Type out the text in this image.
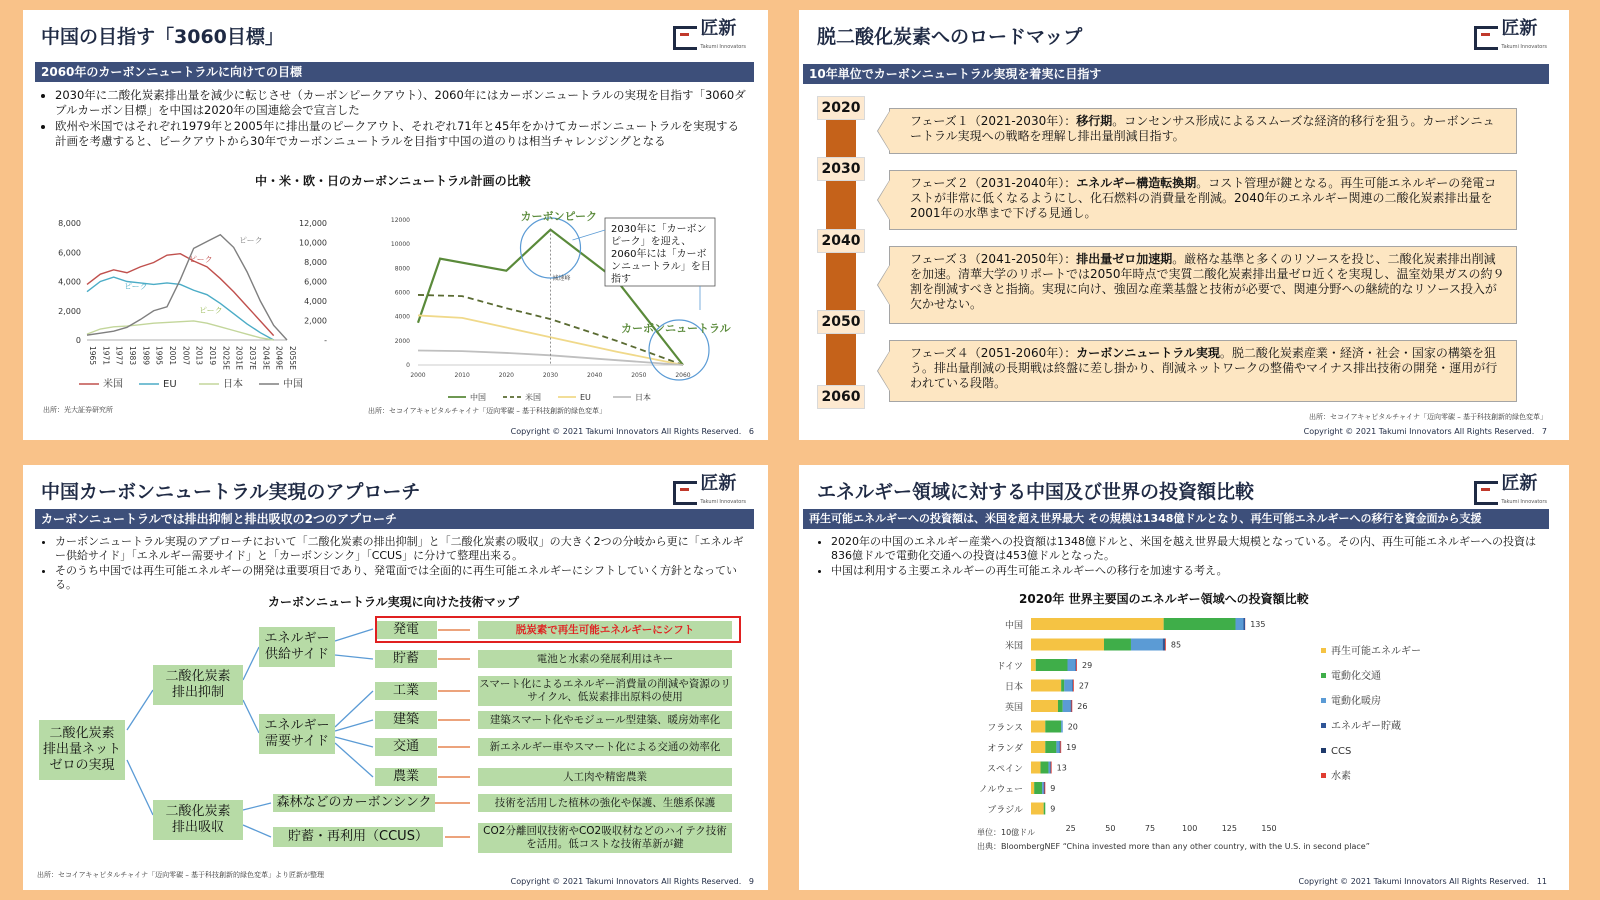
中国の目指す「3060目標」	匠新
Takumi Innovators
2060年のカーボンニュートラルに向けての目標
• 2030年に二酸化炭素排出量を減少に転じさせ（カーボンピークアウト）、2060年にはカーボンニュートラルの実現を目指す「3060ダブルカーボン目標」を中国は2020年の国連総会で宣言した
• 欧州や米国ではそれぞれ1979年と2005年に排出量のピークアウト、それぞれ71年と45年をかけてカーボンニュートラルを実現する計画を考慮すると、ピークアウトから30年でカーボンニュートラルを目指す中国の道のりは相当チャレンジングとなる
中・米・欧・日のカーボンニュートラル計画の比較
8,000
6,000
4,000
2,000
0
12,000
10,000
8,000
6,000
4,000
2,000
-
1965 1971 1977 1983 1989 1995 2001 2007 2013 2019 2025E 2031E 2037E 2043E 2049E 2055E
米国	EU	日本	中国
ピーク
ピーク
ピーク
ピーク
0
2000
4000
6000
8000
10000
12000
2000	2010	2020	2030	2040	2050	2060
中国	米国	EU	日本
カーボンピーク
減速峰
カーボンニュートラル
2030年に「カーボンピーク」を迎え、 2060年には「カーボンニュートラル」を目指す
出所：光大証券研究所	出所：セコイアキャピタルチャイナ「迈向零碳 – 基于科技創新的緑色変革」
Copyright © 2021 Takumi Innovators All Rights Reserved. 6
脱二酸化炭素へのロードマップ	匠新
Takumi Innovators
10年単位でカーボンニュートラル実現を着実に目指す
2020
2030
2040
2050
2060
フェーズ１（2021-2030年）：移行期。コンセンサス形成によるスムーズな経済的移行を狙う。カーボンニュートラル実現への戦略を理解し排出量削減目指す。
フェーズ２（2031-2040年）：エネルギー構造転換期。コスト管理が鍵となる。再生可能エネルギーの発電コストが非常に低くなるようにし、化石燃料の消費量を削減。2040年のエネルギー関連の二酸化炭素排出量を2001年の水準まで下げる見通し。
フェーズ３（2041-2050年）：排出量ゼロ加速期。厳格な基準と多くのリソースを投じ、二酸化炭素排出削減を加速。清華大学のリポートでは2050年時点で実質二酸化炭素排出量ゼロ近くを実現し、温室効果ガスの約９割を削減すべきと指摘。実現に向け、強固な産業基盤と技術が必要で、関連分野への継続的なリソース投入が欠かせない。
フェーズ４（2051-2060年）：カーボンニュートラル実現。脱二酸化炭素産業・経済・社会・国家の構築を狙う。排出量削減の長期戦は終盤に差し掛かり、削減ネットワークの整備やマイナス排出技術の開発・運用が行われている段階。
出所：セコイアキャピタルチャイナ「迈向零碳 – 基于科技創新的緑色変革」
Copyright © 2021 Takumi Innovators All Rights Reserved. 7
中国カーボンニュートラル実現のアプローチ	匠新
Takumi Innovators
カーボンニュートラルでは排出抑制と排出吸収の2つのアプローチ
• カーボンニュートラル実現のアプローチにおいて「二酸化炭素の排出抑制」と「二酸化炭素の吸収」の大きく2つの分岐から更に「エネルギー供給サイド」「エネルギー需要サイド」と「カーボンシンク」「CCUS」に分けて整理出来る。
• そのうち中国では再生可能エネルギーの開発は重要項目であり、発電面では全面的に再生可能エネルギーにシフトしていく方針となっている。
カーボンニュートラル実現に向けた技術マップ
二酸化炭素
排出量ネット
ゼロの実現
二酸化炭素
排出抑制
二酸化炭素
排出吸収
エネルギー
供給サイド
エネルギー
需要サイド
発電
貯蓄
工業
建築
交通
農業
森林などのカーボンシンク
貯蓄・再利用（CCUS）
脱炭素で再生可能エネルギーにシフト
電池と水素の発展利用はキー
スマート化によるエネルギー消費量の削減や資源のリサイクル、低炭素排出原料の使用
建築スマート化やモジュール型建築、暖房効率化
新エネルギー車やスマート化による交通の効率化
人工肉や精密農業
技術を活用した植林の強化や保護、生態系保護
CO2分離回収技術やCO2吸収材などのハイテク技術を活用。低コストな技術革新が鍵
出所：セコイアキャピタルチャイナ「迈向零碳 – 基于科技創新的緑色変革」より匠新が整理
Copyright © 2021 Takumi Innovators All Rights Reserved. 9
エネルギー領域に対する中国及び世界の投資額比較	匠新
Takumi Innovators
再生可能エネルギーへの投資額は、米国を超え世界最大 その規模は1348億ドルとなり、再生可能エネルギーへの移行を資金面から支援
• 2020年の中国のエネルギー産業への投資額は1348億ドルと、米国を越え世界最大規模となっている。その内、再生可能エネルギーへの投資は836億ドルで電動化交通への投資は453億ドルとなった。
• 中国は利用する主要エネルギーの再生可能エネルギーへの移行を加速する考え。
2020年 世界主要国のエネルギー領域への投資額比較
中国	135
米国	85
ドイツ	29
日本	27
英国	26
フランス	20
オランダ	19
スペイン	13
ノルウェー	9
ブラジル	9
25	50	75	100	125	150
再生可能エネルギー
電動化交通
電動化暖房
エネルギー貯蔵
CCS
水素
単位：10億ドル
出典：BloombergNEF “China invested more than any other country, with the U.S. in second place”
Copyright © 2021 Takumi Innovators All Rights Reserved. 11
